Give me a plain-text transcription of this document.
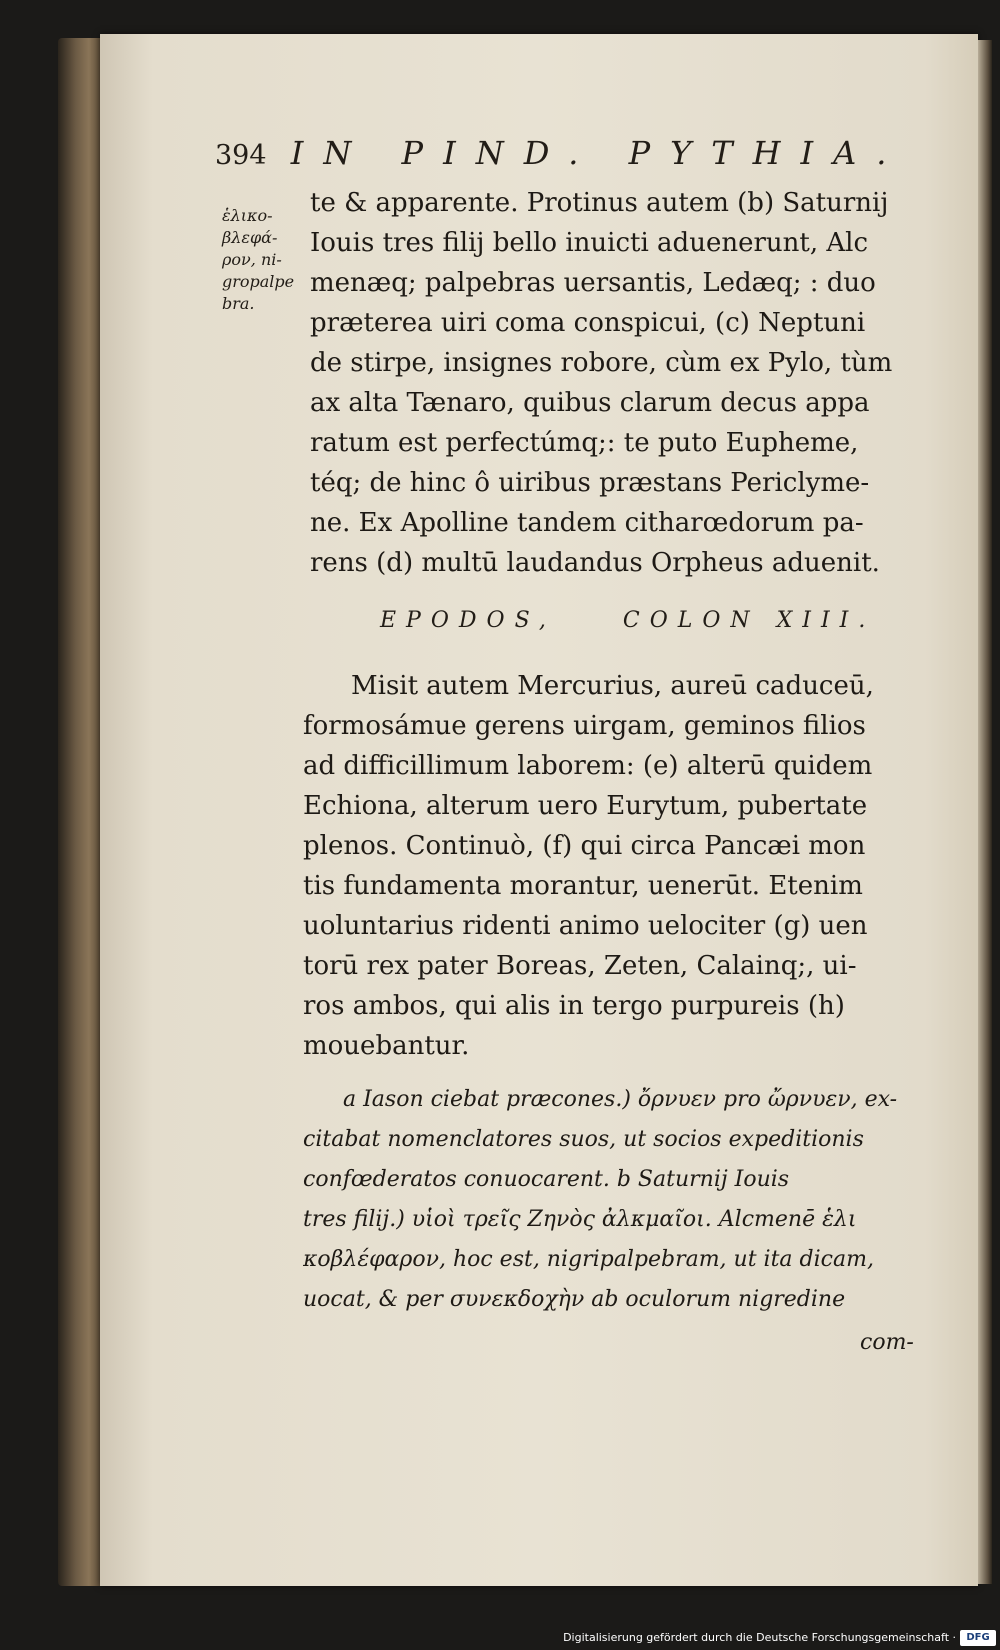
394 IN PIND. PYTHIA.
ἑλικο-
βλεφά-
ρον, ni-
gropalpe
bra.
te & apparente. Protinus autem (b) Saturnij
Iouis tres filij bello inuicti aduenerunt, Alc
menæq; palpebras uersantis, Ledæq; : duo
præterea uiri coma conspicui, (c) Neptuni
de stirpe, insignes robore, cùm ex Pylo, tùm
ax alta Tænaro, quibus clarum decus appa
ratum est perfectúmq;: te puto Eupheme,
téq; de hinc ô uiribus præstans Periclyme-
ne. Ex Apolline tandem citharœdorum pa-
rens (d) multū laudandus Orpheus aduenit.
EPODOS,	COLON XIII.
Misit autem Mercurius, aureū caduceū,
formosámue gerens uirgam, geminos filios
ad difficillimum laborem: (e) alterū quidem
Echiona, alterum uero Eurytum, pubertate
plenos. Continuò, (f) qui circa Pancæi mon
tis fundamenta morantur, uenerūt. Etenim
uoluntarius ridenti animo uelociter (g) uen
torū rex pater Boreas, Zeten, Calainq;, ui-
ros ambos, qui alis in tergo purpureis (h)
mouebantur.
a Iason ciebat præcones.) ὄρνυεν pro ὤρνυεν, ex-
citabat nomenclatores suos, ut socios expeditionis
confœderatos conuocarent. b Saturnij Iouis
tres filij.) υἱοὶ τρεῖς Ζηνὸς ἀλκμαῖοι. Alcmenē ἑλι
κοβλέφαρον, hoc est, nigripalpebram, ut ita dicam,
uocat, & per συνεκδοχὴν ab oculorum nigredine
com-
Digitalisierung gefördert durch die Deutsche Forschungsgemeinschaft ·	DFG
